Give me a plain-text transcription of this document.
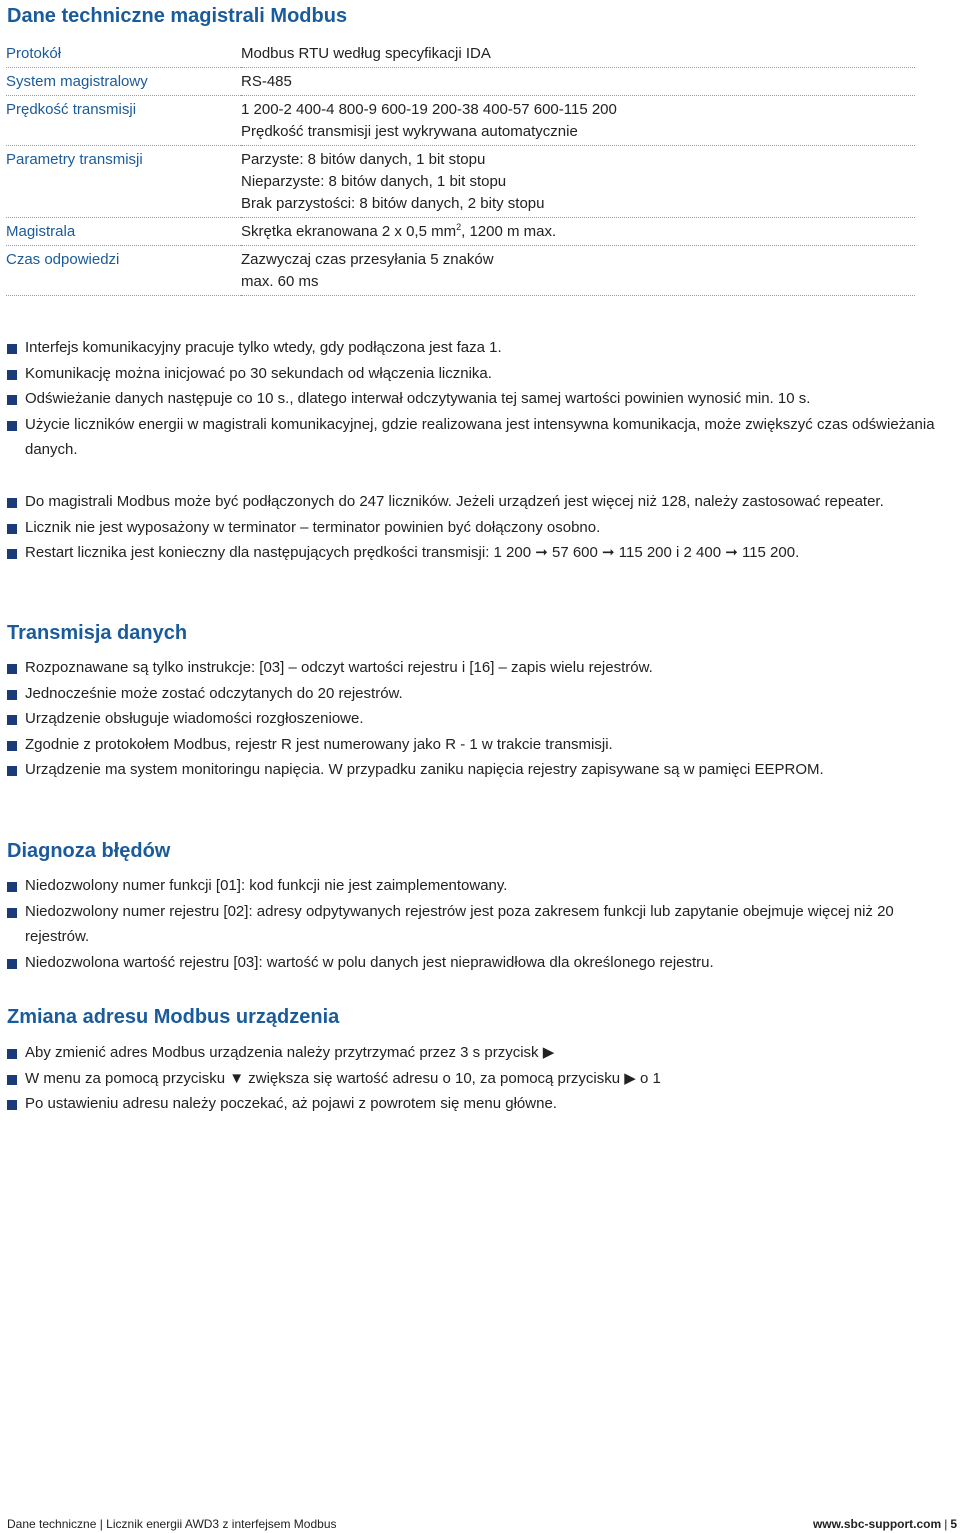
Dane techniczne magistrali Modbus
Protokół	Modbus RTU według specyfikacji IDA

System magistralowy	RS-485

Prędkość transmisji	1 200-2 400-4 800-9 600-19 200-38 400-57 600-115 200
Prędkość transmisji jest wykrywana automatycznie

Parametry transmisji	Parzyste: 8 bitów danych, 1 bit stopu
Nieparzyste: 8 bitów danych, 1 bit stopu
Brak parzystości: 8 bitów danych, 2 bity stopu

Magistrala	Skrętka ekranowana 2 x 0,5 $mm^2$, 1200 m max.

Czas odpowiedzi	Zazwyczaj czas przesyłania 5 znaków
max. 60 ms
Interfejs komunikacyjny pracuje tylko wtedy, gdy podłączona jest faza 1.
Komunikację można inicjować po 30 sekundach od włączenia licznika.
Odświeżanie danych następuje co 10 s., dlatego interwał odczytywania tej samej wartości powinien wynosić min. 10 s.
Użycie liczników energii w magistrali komunikacyjnej, gdzie realizowana jest intensywna komunikacja, może zwiększyć czas odświeżania danych.
Do magistrali Modbus może być podłączonych do 247 liczników. Jeżeli urządzeń jest więcej niż 128, należy zastosować repeater.
Licznik nie jest wyposażony w terminator – terminator powinien być dołączony osobno.
Restart licznika jest konieczny dla następujących prędkości transmisji: 1 200 ➞ 57 600 ➞ 115 200 i 2 400 ➞ 115 200.
Transmisja danych
Rozpoznawane są tylko instrukcje: [03] – odczyt wartości rejestru i [16] – zapis wielu rejestrów.
Jednocześnie może zostać odczytanych do 20 rejestrów.
Urządzenie obsługuje wiadomości rozgłoszeniowe.
Zgodnie z protokołem Modbus, rejestr R jest numerowany jako R - 1 w trakcie transmisji.
Urządzenie ma system monitoringu napięcia. W przypadku zaniku napięcia rejestry zapisywane są w pamięci EEPROM.
Diagnoza błędów
Niedozwolony numer funkcji [01]: kod funkcji nie jest zaimplementowany.
Niedozwolony numer rejestru [02]: adresy odpytywanych rejestrów jest poza zakresem funkcji lub zapytanie obejmuje więcej niż 20 rejestrów.
Niedozwolona wartość rejestru [03]: wartość w polu danych jest nieprawidłowa dla określonego rejestru.
Zmiana adresu Modbus urządzenia
Aby zmienić adres Modbus urządzenia należy przytrzymać przez 3 s przycisk ▶
W menu za pomocą przycisku ▼ zwiększa się wartość adresu o 10, za pomocą przycisku ▶ o 1
Po ustawieniu adresu należy poczekać, aż pojawi z powrotem się menu główne.
Dane techniczne | Licznik energii AWD3 z interfejsem Modbus	www.sbc-support.com | 5
